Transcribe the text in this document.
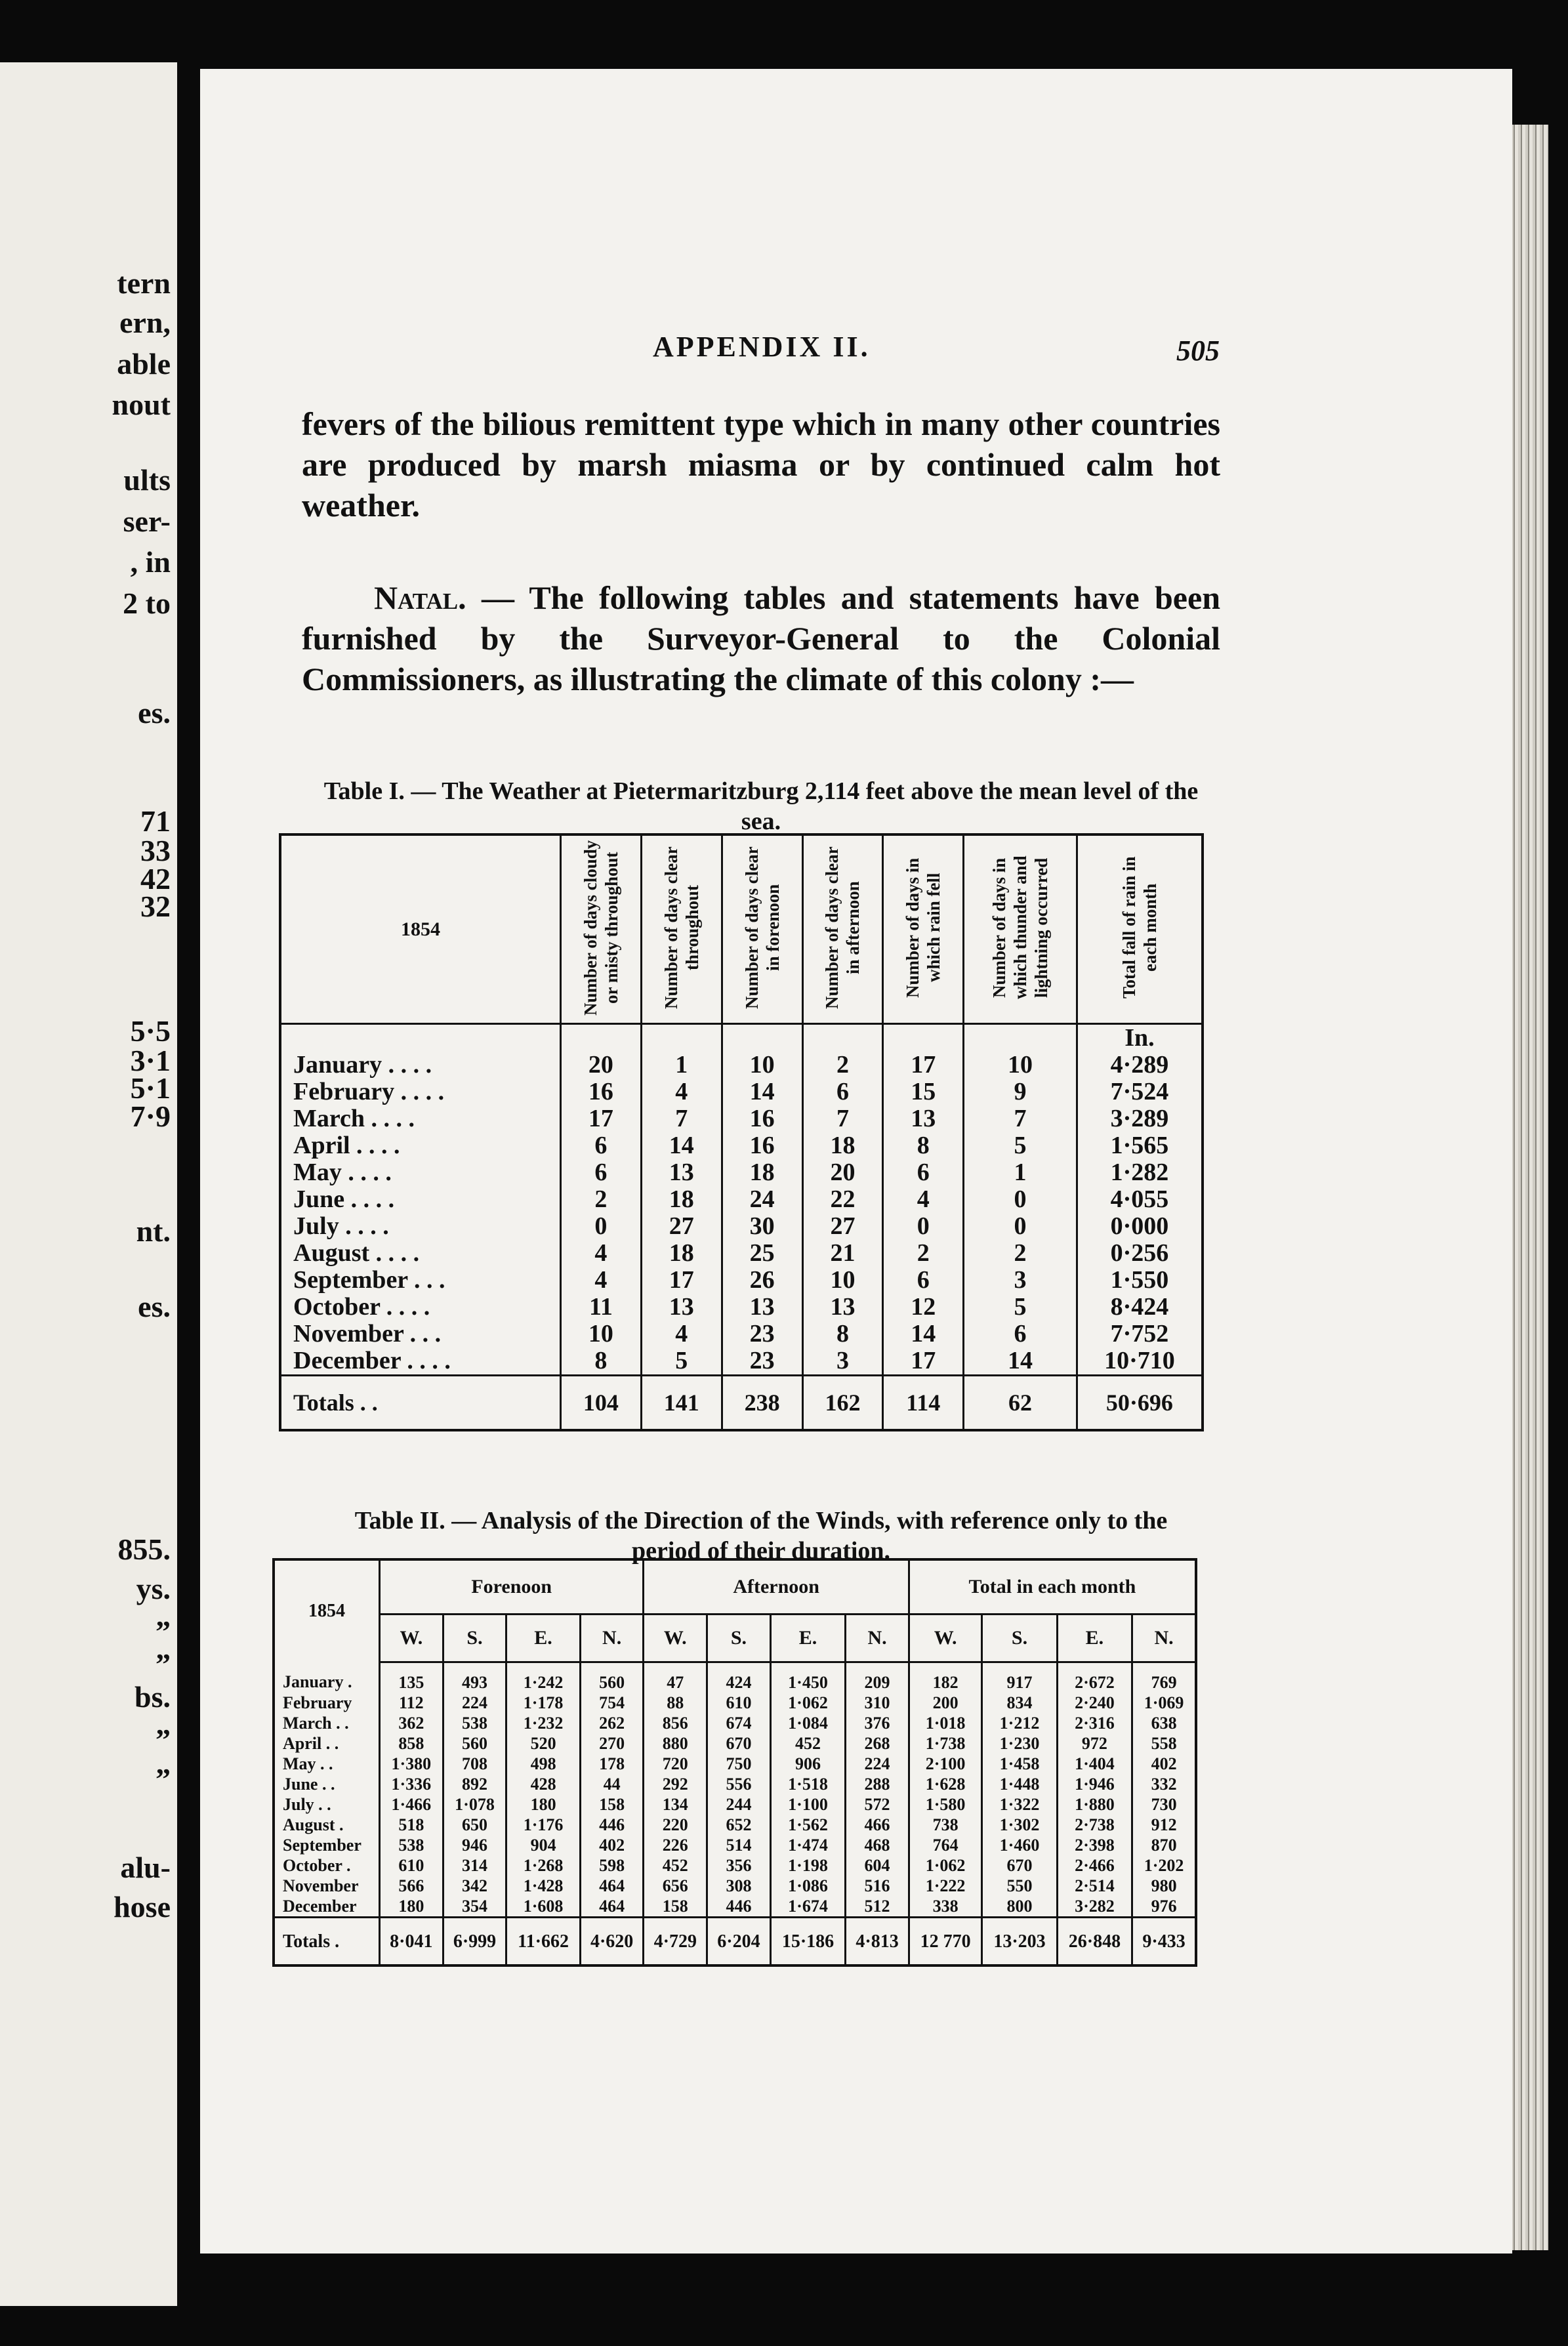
tern
ern,
able
nout
ults
ser-
, in
2 to
es.
71
33
42
32
5·5
3·1
5·1
7·9
nt.
es.
855.
ys.
”
”
bs.
”
”
alu-
hose
APPENDIX II.	505

fevers of the bilious remittent type which in many other countries are produced by marsh miasma or by continued calm hot weather.

Natal. — The following tables and statements have been furnished by the Surveyor-General to the Colonial Commissioners, as illustrating the climate of this colony :—

Table I. — The Weather at Pietermaritzburg 2,114 feet above the mean level of the sea.
1854	Number of days cloudy or misty throughout	Number of days clear throughout	Number of days clear in forenoon	Number of days clear in afternoon	Number of days in which rain fell	Number of days in which thunder and lightning occurred	Total fall of rain in each month
							In.
January . . . .	20	1	10	2	17	10	4·289
February . . . .	16	4	14	6	15	9	7·524
March . . . .	17	7	16	7	13	7	3·289
April . . . .	6	14	16	18	8	5	1·565
May . . . .	6	13	18	20	6	1	1·282
June . . . .	2	18	24	22	4	0	4·055
July . . . .	0	27	30	27	0	0	0·000
August . . . .	4	18	25	21	2	2	0·256
September . . .	4	17	26	10	6	3	1·550
October . . . .	11	13	13	13	12	5	8·424
November . . .	10	4	23	8	14	6	7·752
December . . . .	8	5	23	3	17	14	10·710
Totals . .	104	141	238	162	114	62	50·696
Table II. — Analysis of the Direction of the Winds, with reference only to the period of their duration.
1854	Forenoon				Afternoon				Total in each month			
	W.	S.	E.	N.	W.	S.	E.	N.	W.	S.	E.	N.
January .	135	493	1·242	560	47	424	1·450	209	182	917	2·672	769
February	112	224	1·178	754	88	610	1·062	310	200	834	2·240	1·069
March . .	362	538	1·232	262	856	674	1·084	376	1·018	1·212	2·316	638
April . .	858	560	520	270	880	670	452	268	1·738	1·230	972	558
May . .	1·380	708	498	178	720	750	906	224	2·100	1·458	1·404	402
June . .	1·336	892	428	44	292	556	1·518	288	1·628	1·448	1·946	332
July . .	1·466	1·078	180	158	134	244	1·100	572	1·580	1·322	1·880	730
August .	518	650	1·176	446	220	652	1·562	466	738	1·302	2·738	912
September	538	946	904	402	226	514	1·474	468	764	1·460	2·398	870
October .	610	314	1·268	598	452	356	1·198	604	1·062	670	2·466	1·202
November	566	342	1·428	464	656	308	1·086	516	1·222	550	2·514	980
December	180	354	1·608	464	158	446	1·674	512	338	800	3·282	976
Totals .	8·041	6·999	11·662	4·620	4·729	6·204	15·186	4·813	12 770	13·203	26·848	9·433
